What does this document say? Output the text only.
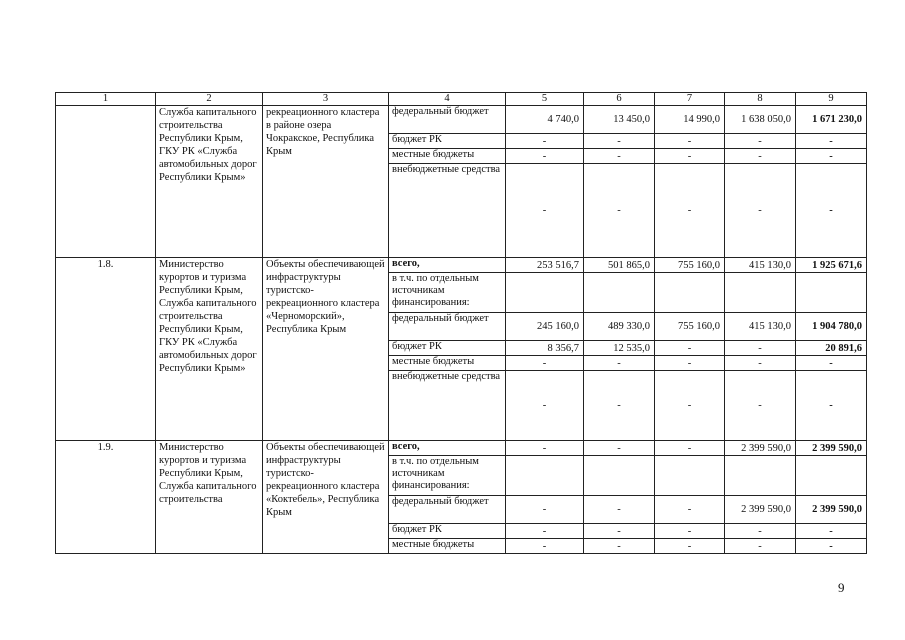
1	2	3	4	5	6	7	8	9
	Служба капитального строительства Республики Крым, ГКУ РК «Служба автомобильных дорог Республики Крым»	рекреационного кластера в районе озера Чокракское, Республика Крым	федеральный бюджет	4 740,0	13 450,0	14 990,0	1 638 050,0	1 671 230,0
			бюджет РК	-	-	-	-	-
			местные бюджеты	-	-	-	-	-
			внебюджетные средства	-	-	-	-	-
1.8.	Министерство курортов и туризма Республики Крым, Служба капитального строительства Республики Крым, ГКУ РК «Служба автомобильных дорог Республики Крым»	Объекты обеспечивающей инфраструктуры туристско-рекреационного кластера «Черноморский», Республика Крым	всего,	253 516,7	501 865,0	755 160,0	415 130,0	1 925 671,6
			в т.ч. по отдельным источникам финансирования:					
			федеральный бюджет	245 160,0	489 330,0	755 160,0	415 130,0	1 904 780,0
			бюджет РК	8 356,7	12 535,0	-	-	20 891,6
			местные бюджеты	-	-	-	-	-
			внебюджетные средства	-	-	-	-	-
1.9.	Министерство курортов и туризма Республики Крым, Служба капитального строительства	Объекты обеспечивающей инфраструктуры туристско-рекреационного кластера «Коктебель», Республика Крым	всего,	-	-	-	2 399 590,0	2 399 590,0
			в т.ч. по отдельным источникам финансирования:					
			федеральный бюджет	-	-	-	2 399 590,0	2 399 590,0
			бюджет РК	-	-	-	-	-
			местные бюджеты	-	-	-	-	-
9
